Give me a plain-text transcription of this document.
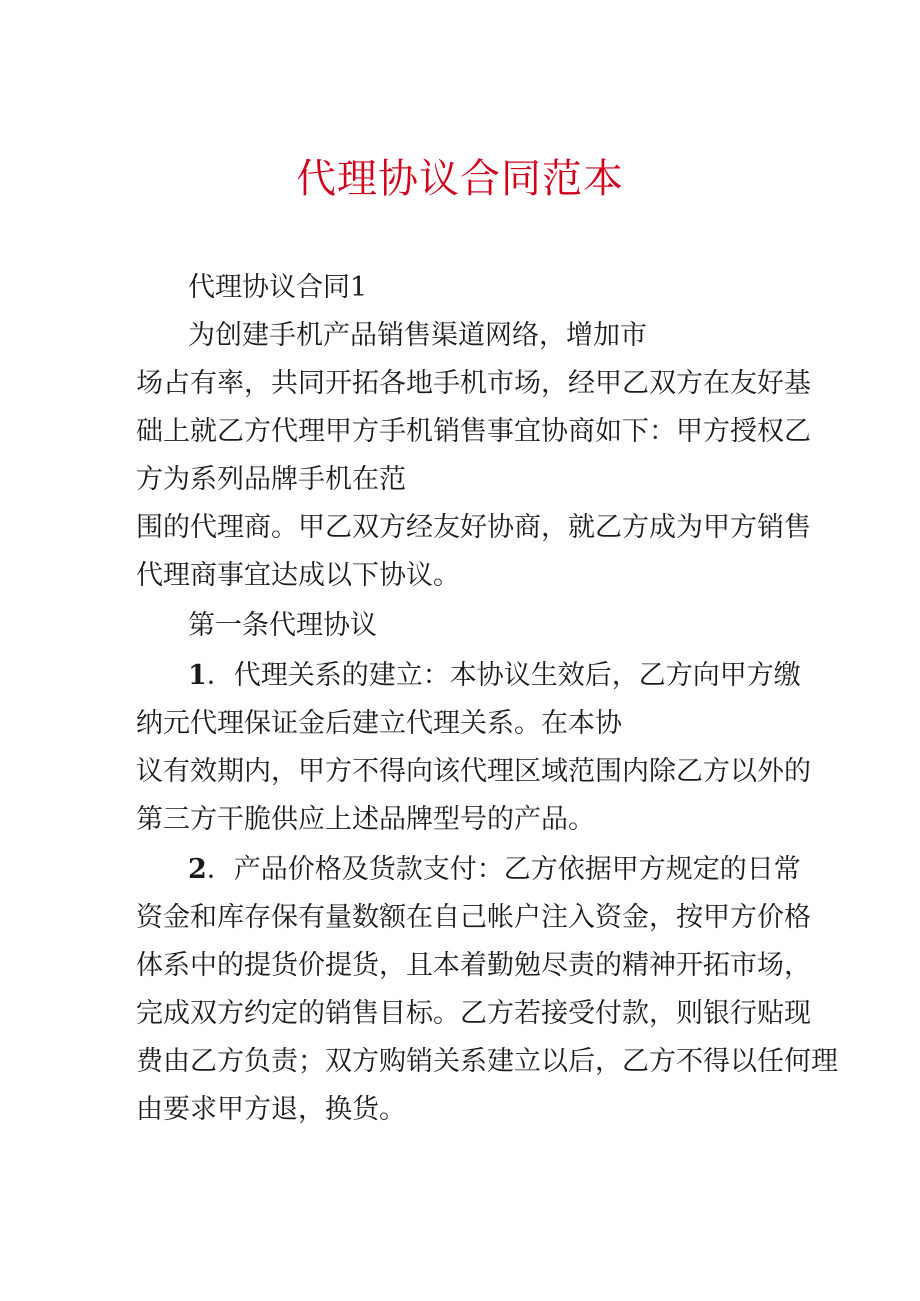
代理协议合同范本
代理协议合同1
为创建手机产品销售渠道网络，增加市
场占有率，共同开拓各地手机市场，经甲乙双方在友好基
础上就乙方代理甲方手机销售事宜协商如下：甲方授权乙
方为系列品牌手机在范
围的代理商。甲乙双方经友好协商，就乙方成为甲方销售
代理商事宜达成以下协议。
第一条代理协议
1．代理关系的建立：本协议生效后，乙方向甲方缴
纳元代理保证金后建立代理关系。在本协
议有效期内，甲方不得向该代理区域范围内除乙方以外的
第三方干脆供应上述品牌型号的产品。
2．产品价格及货款支付：乙方依据甲方规定的日常
资金和库存保有量数额在自己帐户注入资金，按甲方价格
体系中的提货价提货，且本着勤勉尽责的精神开拓市场，
完成双方约定的销售目标。乙方若接受付款，则银行贴现
费由乙方负责；双方购销关系建立以后，乙方不得以任何理
由要求甲方退，换货。
